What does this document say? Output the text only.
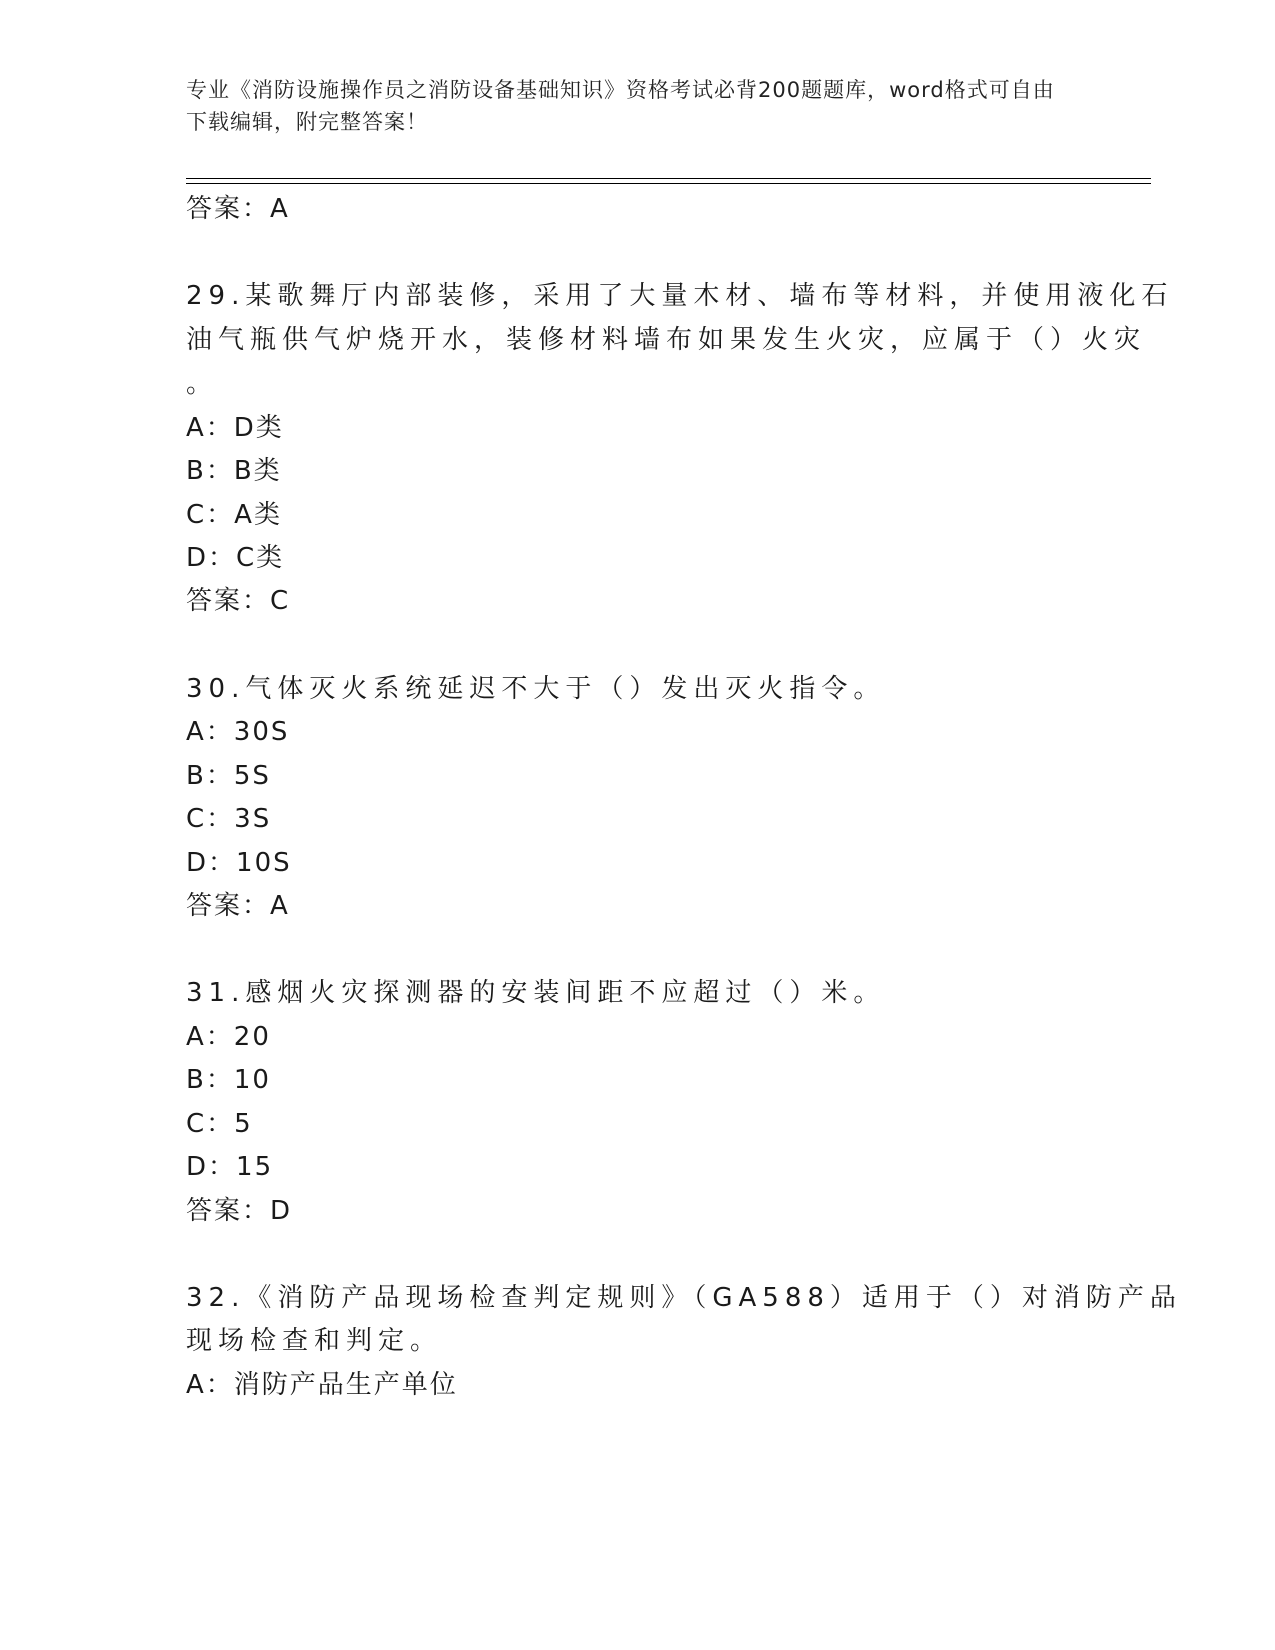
专业《消防设施操作员之消防设备基础知识》资格考试必背200题题库，word格式可自由下载编辑，附完整答案！
答案：A
29.某歌舞厅内部装修，采用了大量木材、墙布等材料，并使用液化石
油气瓶供气炉烧开水，装修材料墙布如果发生火灾，应属于（）火灾
。
A：D类
B：B类
C：A类
D：C类
答案：C
30.气体灭火系统延迟不大于（）发出灭火指令。
A：30S
B：5S
C：3S
D：10S
答案：A
31.感烟火灾探测器的安装间距不应超过（）米。
A：20
B：10
C：5
D：15
答案：D
32.《消防产品现场检查判定规则》（GA588）适用于（）对消防产品
现场检查和判定。
A：消防产品生产单位
